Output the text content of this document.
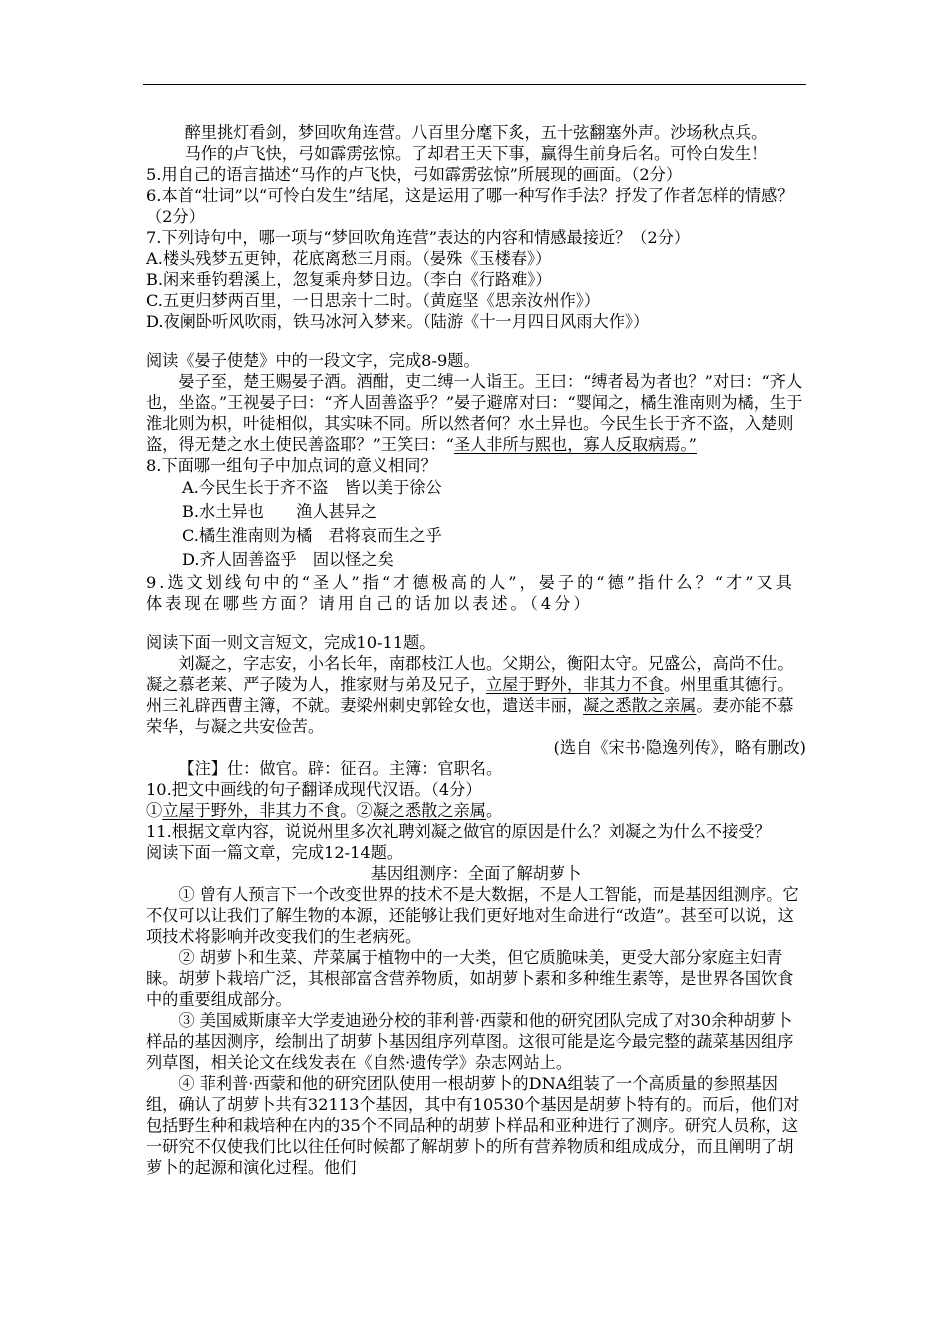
醉里挑灯看剑，梦回吹角连营。八百里分麾下炙，五十弦翻塞外声。沙场秋点兵。

马作的卢飞快，弓如霹雳弦惊。了却君王天下事，赢得生前身后名。可怜白发生！

5.用自己的语言描述“马作的卢飞快，弓如霹雳弦惊”所展现的画面。（2分）

6.本首“壮词”以“可怜白发生”结尾，这是运用了哪一种写作手法？抒发了作者怎样的情感？（2分）

7.下列诗句中，哪一项与“梦回吹角连营”表达的内容和情感最接近？（2分）

A.楼头残梦五更钟，花底离愁三月雨。（晏殊《玉楼春》）

B.闲来垂钓碧溪上，忽复乘舟梦日边。（李白《行路难》）

C.五更归梦两百里，一日思亲十二时。（黄庭坚《思亲汝州作》）

D.夜阑卧听风吹雨，铁马冰河入梦来。（陆游《十一月四日风雨大作》）

阅读《晏子使楚》中的一段文字，完成8-9题。

晏子至，楚王赐晏子酒。酒酣，吏二缚一人诣王。王曰：“缚者曷为者也？”对曰：“齐人也，坐盗。”王视晏子曰：“齐人固善盗乎？”晏子避席对曰：“婴闻之，橘生淮南则为橘，生于淮北则为枳，叶徒相似，其实味不同。所以然者何？水土异也。今民生长于齐不盗，入楚则盗，得无楚之水土使民善盗耶？”王笑曰：“圣人非所与熙也，寡人反取病焉。”

8.下面哪一组句子中加点词的意义相同？

A.今民生长于齐不盗　皆以美于徐公

B.水土异也　　渔人甚异之

C.橘生淮南则为橘　君将哀而生之乎

D.齐人固善盗乎　固以怪之矣

9.选文划线句中的“圣人”指“才德极高的人”，晏子的“德”指什么？“才”又具体表现在哪些方面？请用自己的话加以表述。（4分）

阅读下面一则文言短文，完成10-11题。

刘凝之，字志安，小名长年，南郡枝江人也。父期公，衡阳太守。兄盛公，高尚不仕。凝之慕老莱、严子陵为人，推家财与弟及兄子，立屋于野外，非其力不食。州里重其德行。州三礼辟西曹主簿，不就。妻梁州刺史郭铨女也，遣送丰丽，凝之悉散之亲属。妻亦能不慕荣华，与凝之共安俭苦。

(选自《宋书·隐逸列传》，略有删改)

【注】仕：做官。辟：征召。主簿：官职名。

10.把文中画线的句子翻译成现代汉语。（4分）

①立屋于野外，非其力不食。②凝之悉散之亲属。

11.根据文章内容，说说州里多次礼聘刘凝之做官的原因是什么？刘凝之为什么不接受？

阅读下面一篇文章，完成12-14题。

基因组测序：全面了解胡萝卜

① 曾有人预言下一个改变世界的技术不是大数据，不是人工智能，而是基因组测序。它不仅可以让我们了解生物的本源，还能够让我们更好地对生命进行“改造”。甚至可以说，这项技术将影响并改变我们的生老病死。

② 胡萝卜和生菜、芹菜属于植物中的一大类，但它质脆味美，更受大部分家庭主妇青睐。胡萝卜栽培广泛，其根部富含营养物质，如胡萝卜素和多种维生素等，是世界各国饮食中的重要组成部分。

③ 美国威斯康辛大学麦迪逊分校的菲利普·西蒙和他的研究团队完成了对30余种胡萝卜样品的基因测序，绘制出了胡萝卜基因组序列草图。这很可能是迄今最完整的蔬菜基因组序列草图，相关论文在线发表在《自然·遗传学》杂志网站上。

④ 菲利普·西蒙和他的研究团队使用一根胡萝卜的DNA组装了一个高质量的参照基因组，确认了胡萝卜共有32113个基因，其中有10530个基因是胡萝卜特有的。而后，他们对包括野生种和栽培种在内的35个不同品种的胡萝卜样品和亚种进行了测序。研究人员称，这一研究不仅使我们比以往任何时候都了解胡萝卜的所有营养物质和组成成分，而且阐明了胡萝卜的起源和演化过程。他们
